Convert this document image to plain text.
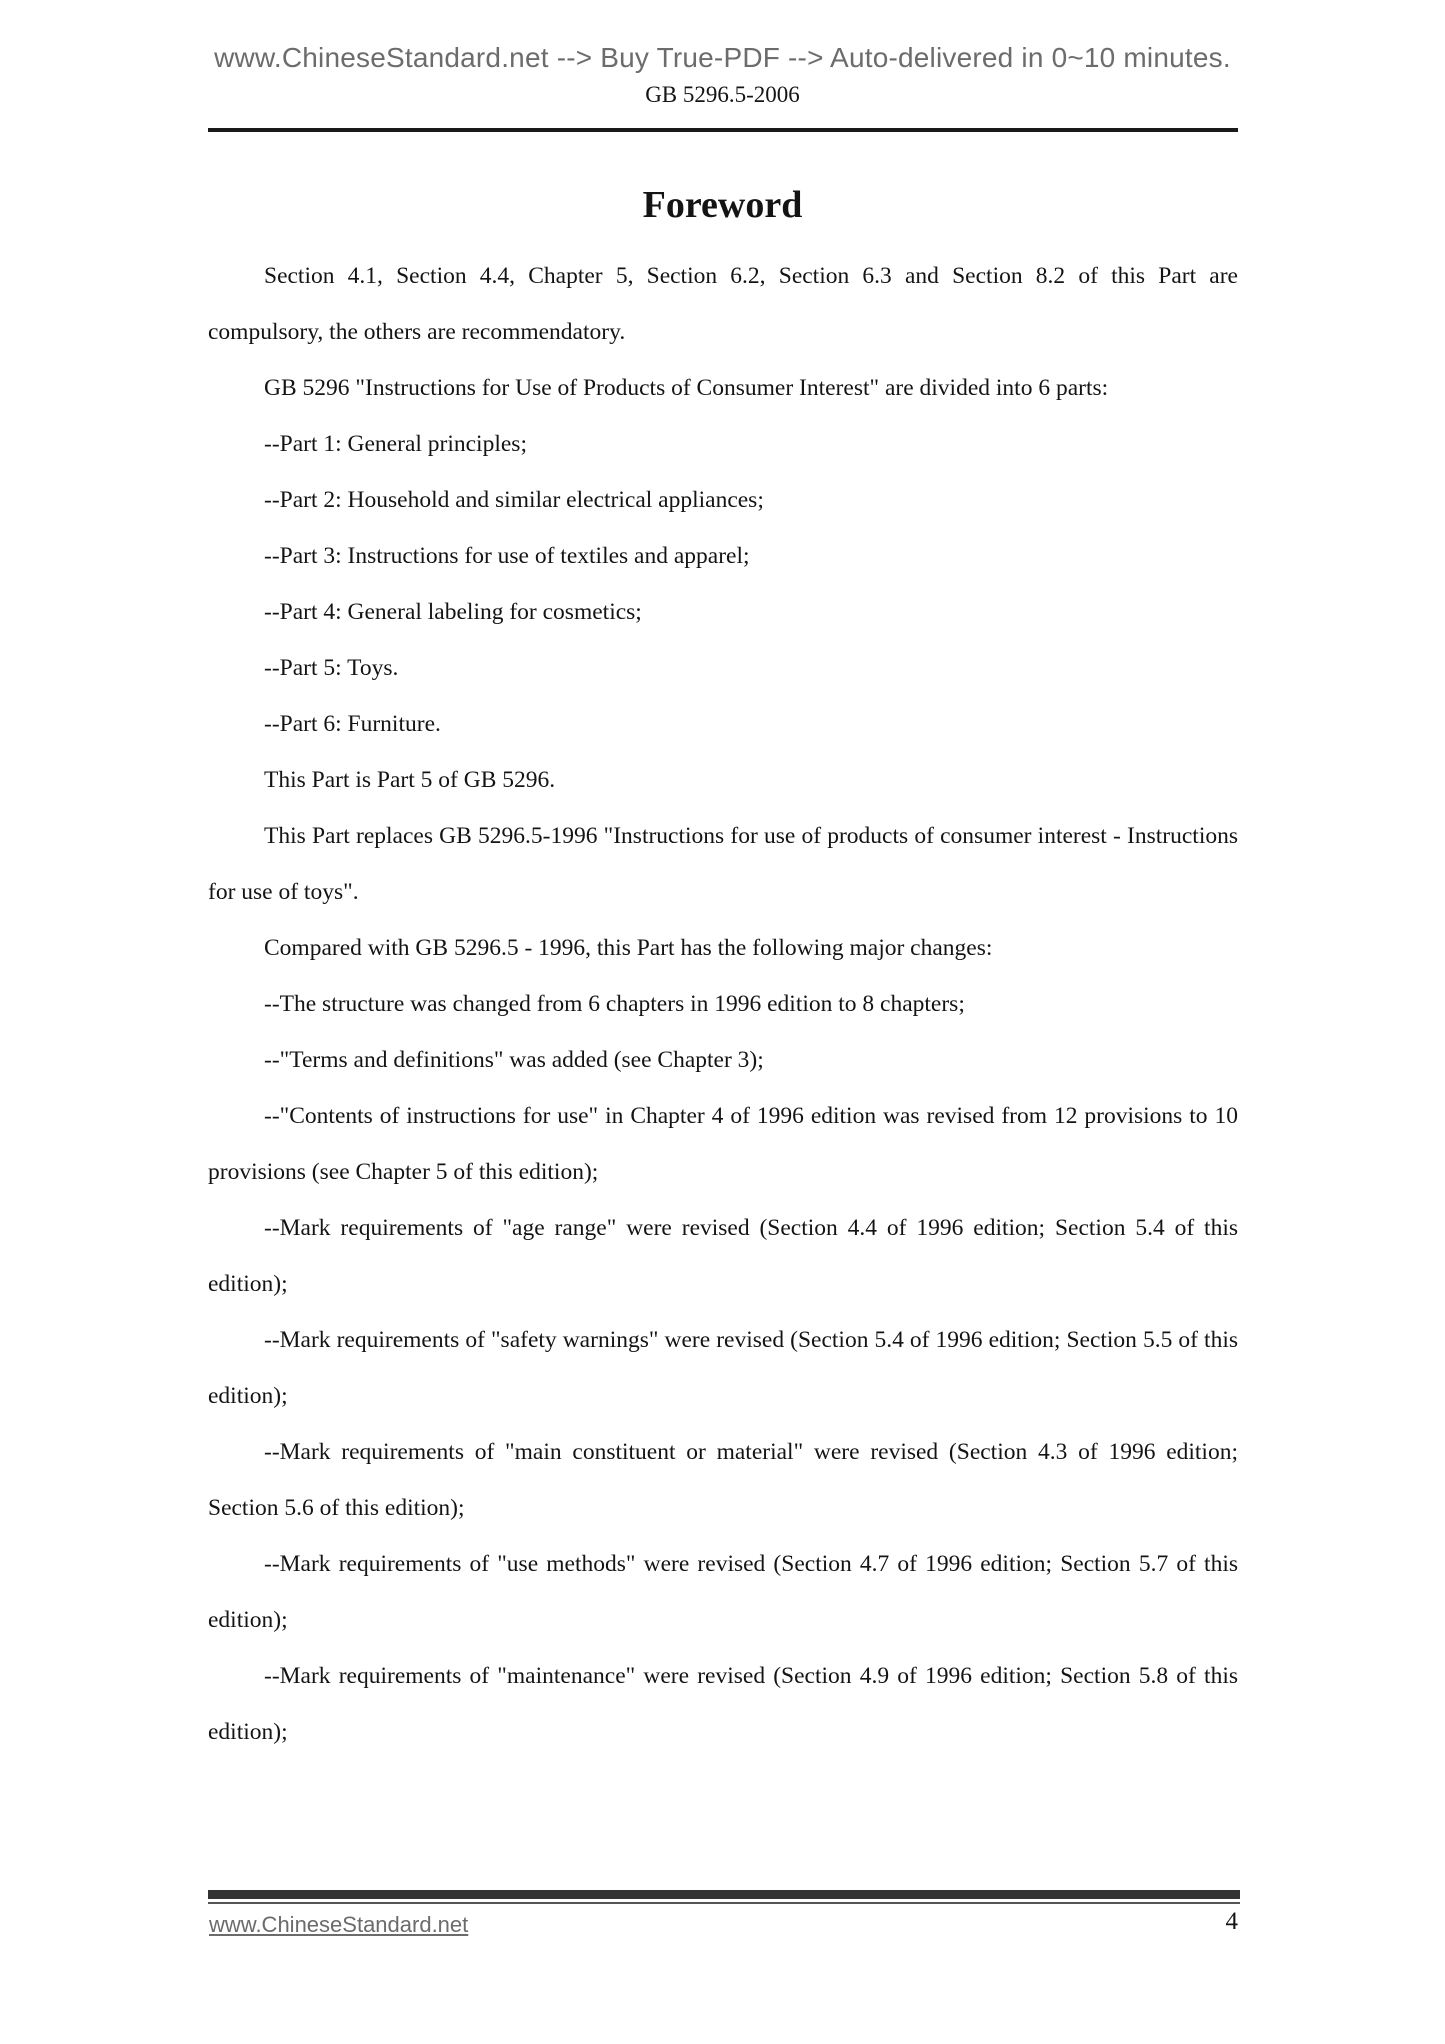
www.ChineseStandard.net --> Buy True-PDF --> Auto-delivered in 0~10 minutes.
GB 5296.5-2006
Foreword

Section 4.1, Section 4.4, Chapter 5, Section 6.2, Section 6.3 and Section 8.2 of this Part are compulsory, the others are recommendatory.

GB 5296 "Instructions for Use of Products of Consumer Interest" are divided into 6 parts:

--Part 1: General principles;

--Part 2: Household and similar electrical appliances;

--Part 3: Instructions for use of textiles and apparel;

--Part 4: General labeling for cosmetics;

--Part 5: Toys.

--Part 6: Furniture.

This Part is Part 5 of GB 5296.

This Part replaces GB 5296.5-1996 "Instructions for use of products of consumer interest - Instructions for use of toys".

Compared with GB 5296.5 - 1996, this Part has the following major changes:

--The structure was changed from 6 chapters in 1996 edition to 8 chapters;

--"Terms and definitions" was added (see Chapter 3);

--"Contents of instructions for use" in Chapter 4 of 1996 edition was revised from 12 provisions to 10 provisions (see Chapter 5 of this edition);

--Mark requirements of "age range" were revised (Section 4.4 of 1996 edition; Section 5.4 of this edition);

--Mark requirements of "safety warnings" were revised (Section 5.4 of 1996 edition; Section 5.5 of this edition);

--Mark requirements of "main constituent or material" were revised (Section 4.3 of 1996 edition; Section 5.6 of this edition);

--Mark requirements of "use methods" were revised (Section 4.7 of 1996 edition; Section 5.7 of this edition);

--Mark requirements of "maintenance" were revised (Section 4.9 of 1996 edition; Section 5.8 of this edition);

www.ChineseStandard.net	4
